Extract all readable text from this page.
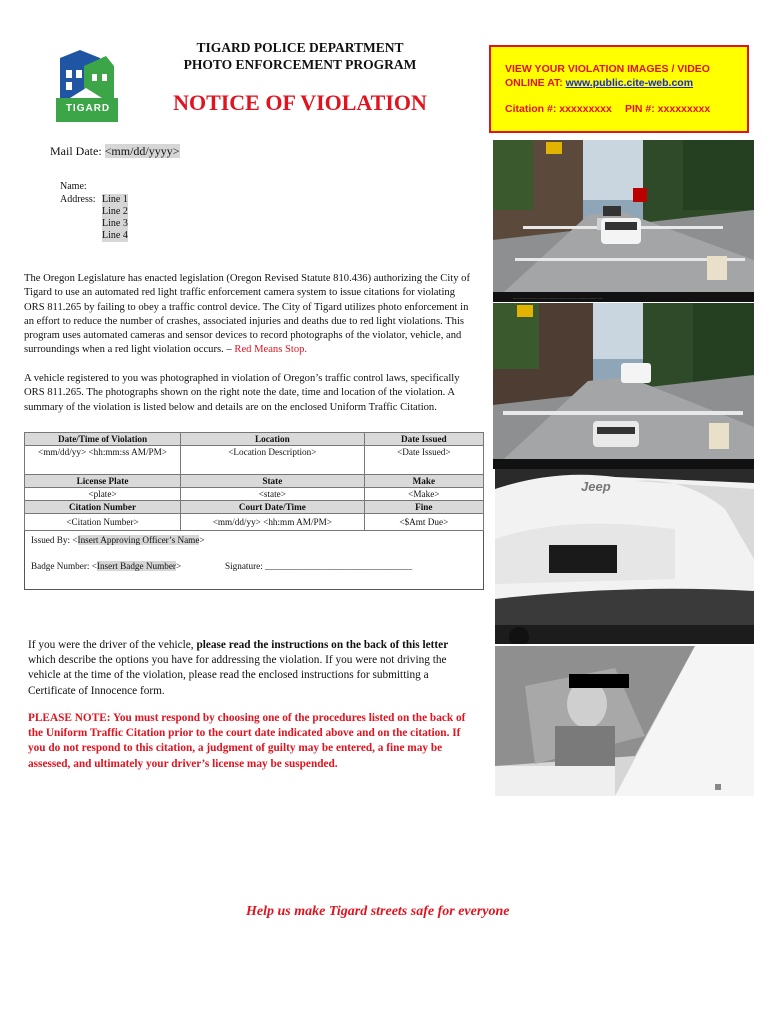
TIGARD
TIGARD POLICE DEPARTMENT
PHOTO ENFORCEMENT PROGRAM
NOTICE OF VIOLATION
VIEW YOUR VIOLATION IMAGES / VIDEO
ONLINE AT: www.public.cite-web.com
Citation #: xxxxxxxxx PIN #: xxxxxxxxx
Mail Date: <mm/dd/yyyy>
Name:
Address: Line 1
Line 2
Line 3
Line 4
The Oregon Legislature has enacted legislation (Oregon Revised Statute 810.436) authorizing the City of Tigard to use an automated red light traffic enforcement camera system to issue citations for violating ORS 811.265 by failing to obey a traffic control device. The City of Tigard utilizes photo enforcement in an effort to reduce the number of crashes, associated injuries and deaths due to red light violations. This program uses automated cameras and sensor devices to record photographs of the violator, vehicle, and surroundings when a red light violation occurs. – Red Means Stop.
A vehicle registered to you was photographed in violation of Oregon’s traffic control laws, specifically ORS 811.265. The photographs shown on the right note the date, time and location of the violation. A summary of the violation is listed below and details are on the enclosed Uniform Traffic Citation.
Date/Time of Violation	Location	Date Issued
<mm/dd/yy> <hh:mm:ss AM/PM>	<Location Description>	<Date Issued>
License Plate	State	Make
<plate>	<state>	<Make>
Citation Number	Court Date/Time	Fine
<Citation Number>	<mm/dd/yy> <hh:mm AM/PM>	<$Amt Due>

Issued By: <Insert Approving Officer’s Name>
Badge Number: <Insert Badge Number> Signature: ________________________________		
If you were the driver of the vehicle, please read the instructions on the back of this letter which describe the options you have for addressing the violation. If you were not driving the vehicle at the time of the violation, please read the enclosed instructions for submitting a Certificate of Innocence form.
PLEASE NOTE: You must respond by choosing one of the procedures listed on the back of the Uniform Traffic Citation prior to the court date indicated above and on the citation. If you do not respond to this citation, a judgment of guilty may be entered, a fine may be assessed, and ultimately your driver’s license may be suspended.
Help us make Tigard streets safe for everyone
.................................................................................
Jeep
